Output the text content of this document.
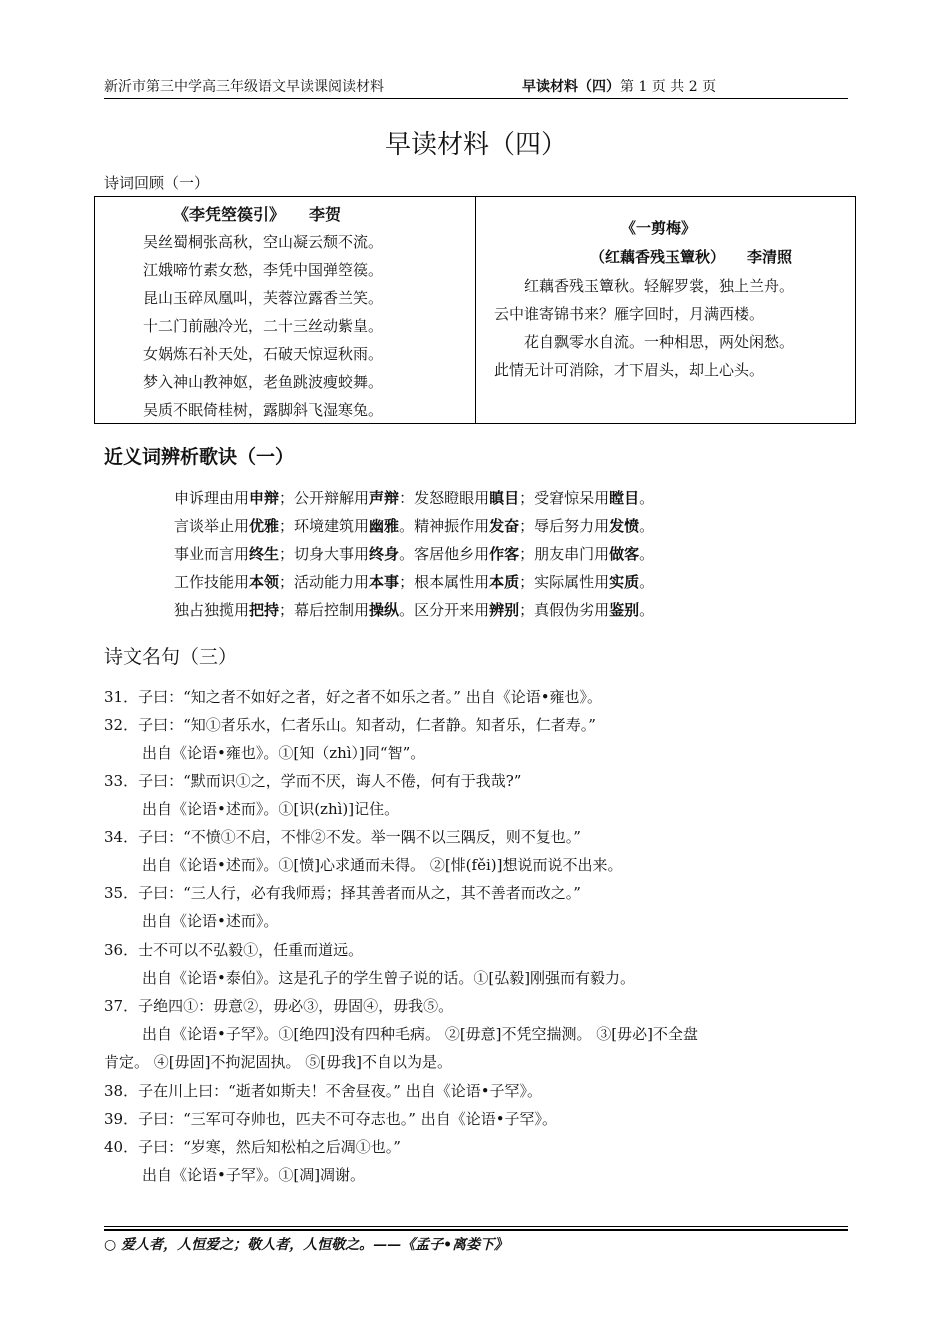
新沂市第三中学高三年级语文早读课阅读材料	早读材料（四）第 1 页 共 2 页
早读材料（四）
诗词回顾（一）
《李凭箜篌引》 李贺
吴丝蜀桐张高秋，空山凝云颓不流。
江娥啼竹素女愁，李凭中国弹箜篌。
昆山玉碎凤凰叫，芙蓉泣露香兰笑。
十二门前融冷光，二十三丝动紫皇。
女娲炼石补天处，石破天惊逗秋雨。
梦入神山教神妪，老鱼跳波瘦蛟舞。
吴质不眠倚桂树，露脚斜飞湿寒兔。
《一剪梅》
（红藕香残玉簟秋） 李清照
红藕香残玉簟秋。轻解罗裳，独上兰舟。
云中谁寄锦书来？雁字回时，月满西楼。
花自飘零水自流。一种相思，两处闲愁。
此情无计可消除，才下眉头，却上心头。
近义词辨析歌诀（一）
申诉理由用申辩；公开辩解用声辩：发怒瞪眼用瞋目；受窘惊呆用瞠目。
言谈举止用优雅；环境建筑用幽雅。精神振作用发奋；辱后努力用发愤。
事业而言用终生；切身大事用终身。客居他乡用作客；朋友串门用做客。
工作技能用本领；活动能力用本事；根本属性用本质；实际属性用实质。
独占独揽用把持；幕后控制用操纵。区分开来用辨别；真假伪劣用鉴别。
诗文名句（三）
31．子曰：“知之者不如好之者，好之者不如乐之者。” 出自《论语•雍也》。
32．子曰：“知①者乐水，仁者乐山。知者动，仁者静。知者乐，仁者寿。”
出自《论语•雍也》。①[知（zhì）]同“智”。
33．子曰：“默而识①之，学而不厌，诲人不倦，何有于我哉?”
出自《论语•述而》。①[识(zhì)]记住。
34．子曰：“不愤①不启，不悱②不发。举一隅不以三隅反，则不复也。”
出自《论语•述而》。①[愤]心求通而未得。 ②[悱(fěi)]想说而说不出来。
35．子曰：“三人行，必有我师焉；择其善者而从之，其不善者而改之。”
出自《论语•述而》。
36．士不可以不弘毅①，任重而道远。
出自《论语•泰伯》。这是孔子的学生曾子说的话。①[弘毅]刚强而有毅力。
37．子绝四①：毋意②，毋必③，毋固④，毋我⑤。
出自《论语•子罕》。①[绝四]没有四种毛病。 ②[毋意]不凭空揣测。 ③[毋必]不全盘
肯定。 ④[毋固]不拘泥固执。 ⑤[毋我]不自以为是。
38．子在川上曰：“逝者如斯夫！不舍昼夜。” 出自《论语•子罕》。
39．子曰：“三军可夺帅也，匹夫不可夺志也。” 出自《论语•子罕》。
40．子曰：“岁寒，然后知松柏之后凋①也。”
出自《论语•子罕》。①[凋]凋谢。
○ 爱人者，人恒爱之；敬人者，人恒敬之。——《孟子•离娄下》
